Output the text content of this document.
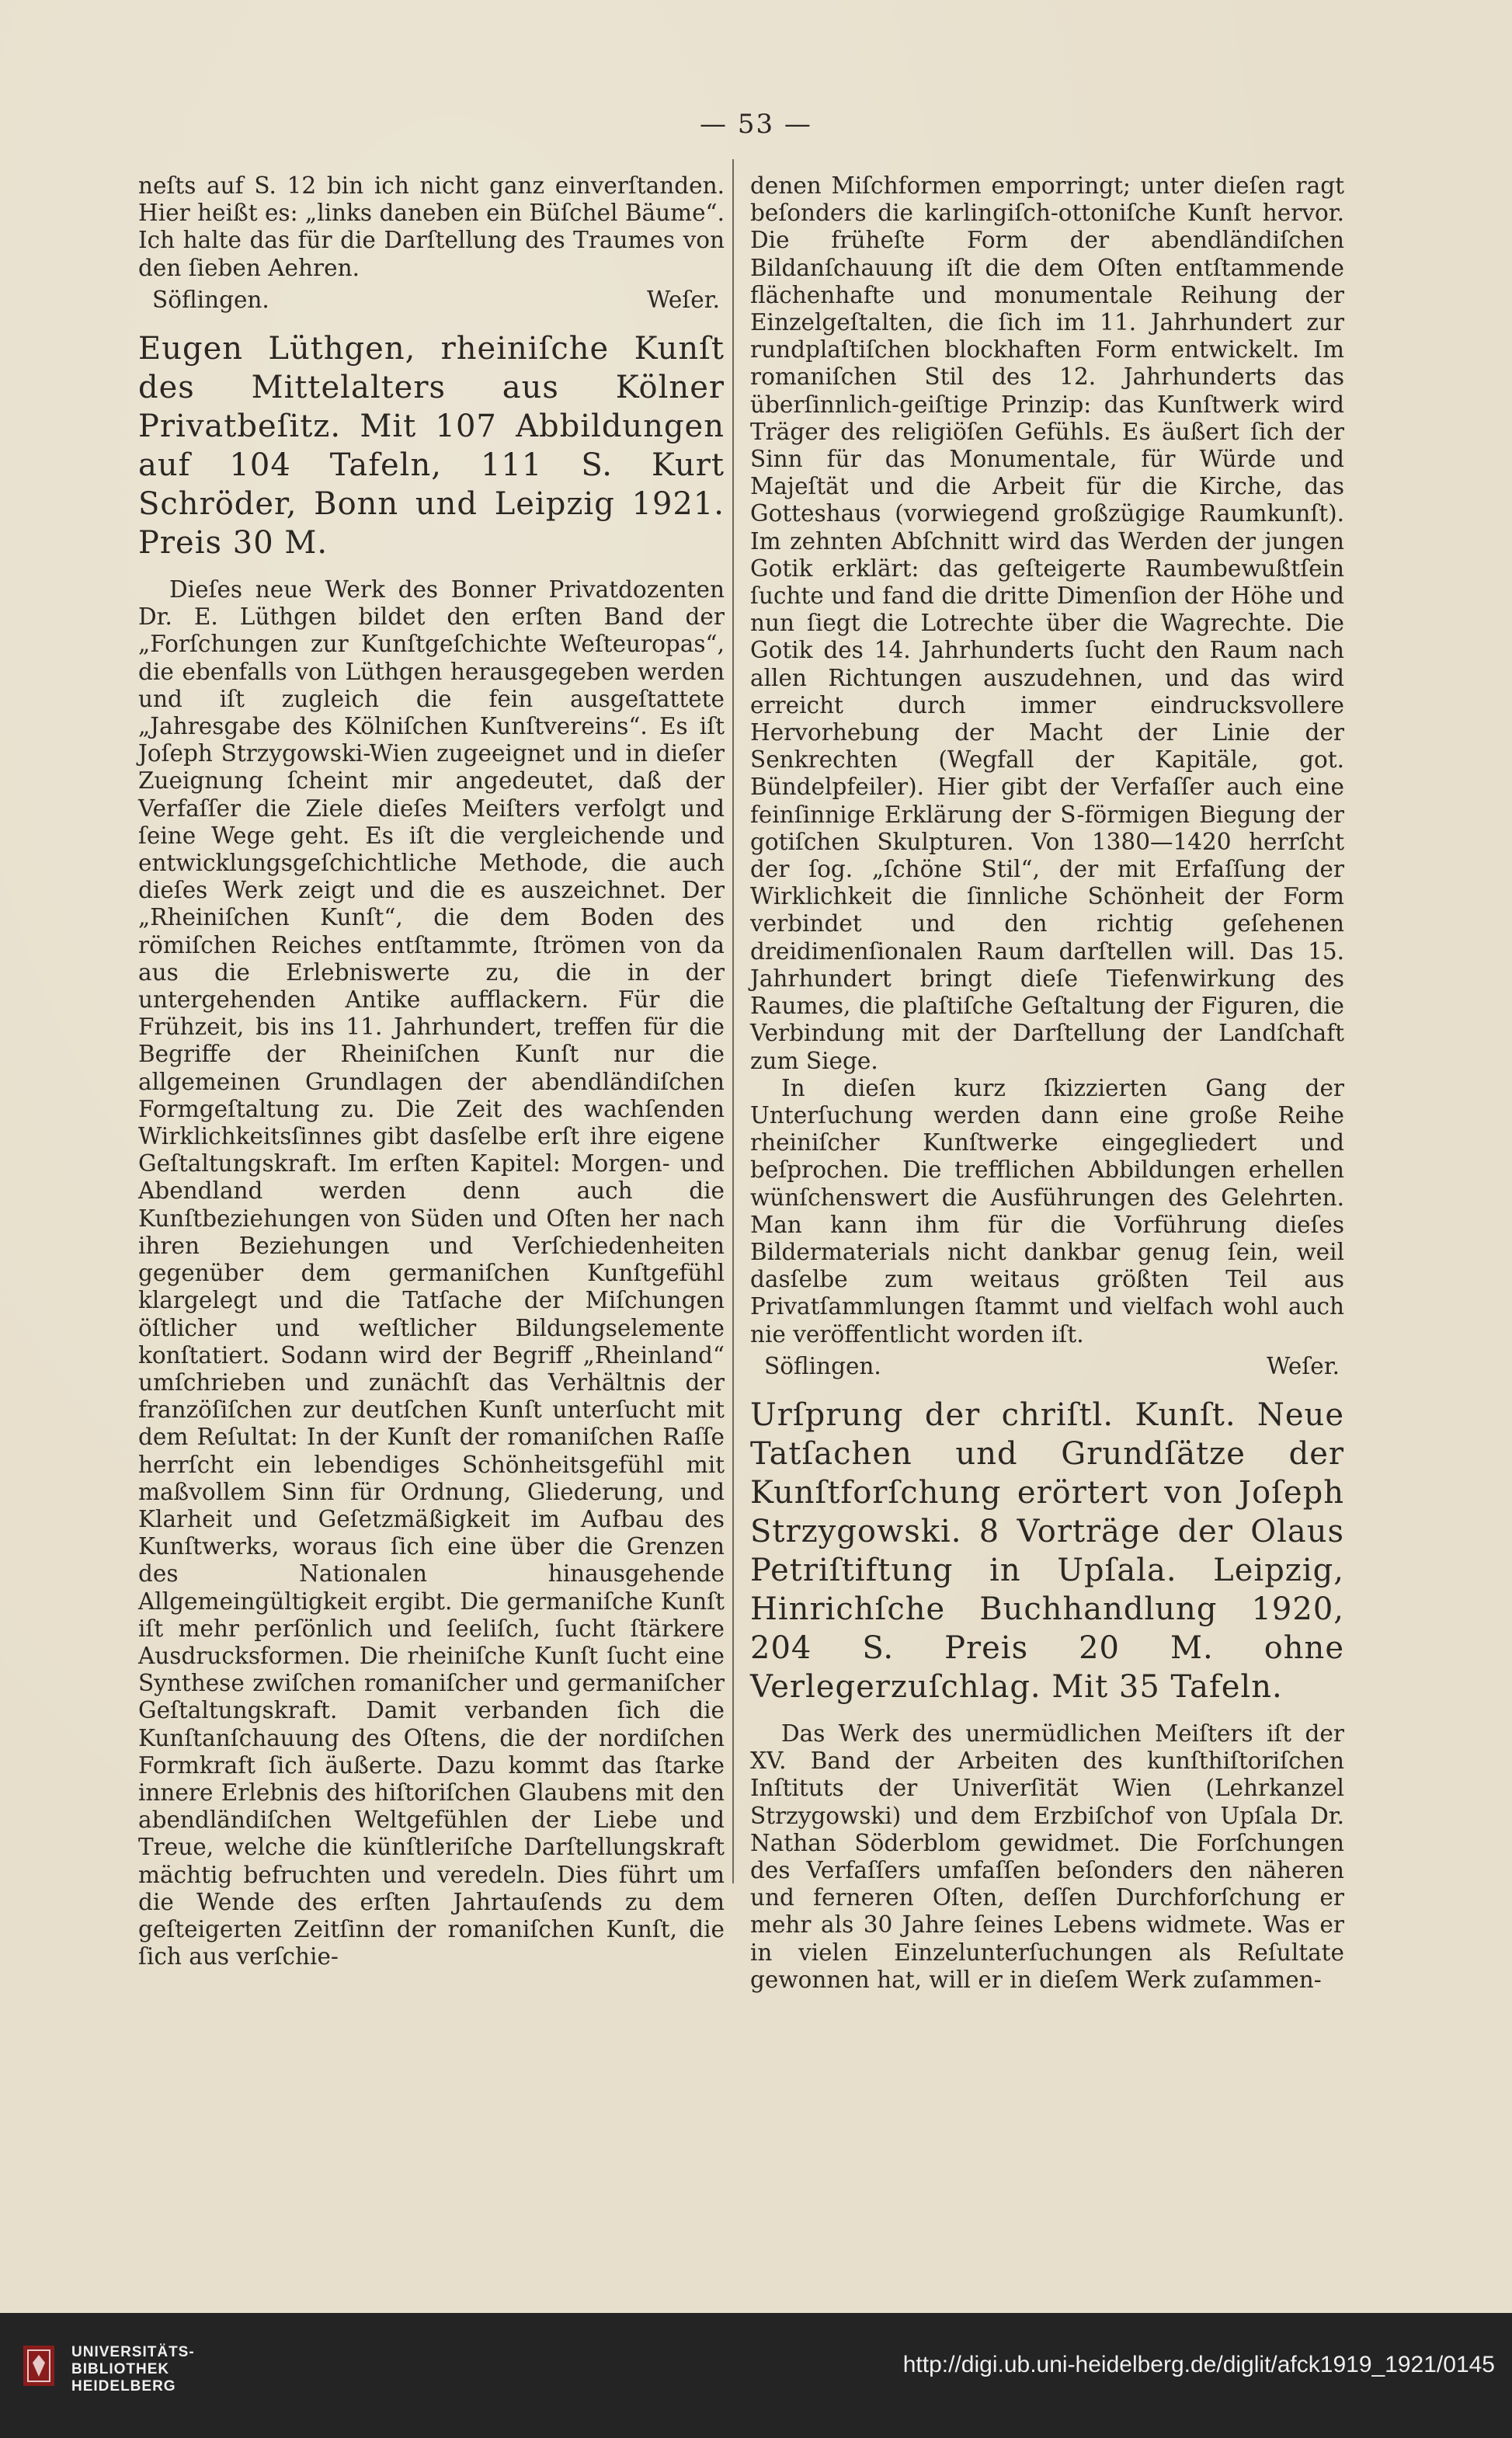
— 53 —

neſts auf S. 12 bin ich nicht ganz einverſtanden. Hier heißt es: „links daneben ein Büſchel Bäume“. Ich halte das für die Darſtellung des Traumes von den ſieben Aehren.

Söflingen.	Weſer.
Eugen Lüthgen, rheiniſche Kunſt des Mittelalters aus Kölner Privatbeſitz. Mit 107 Abbildungen auf 104 Tafeln, 111 S. Kurt Schröder, Bonn und Leipzig 1921. Preis 30 M.

Dieſes neue Werk des Bonner Privatdozenten Dr. E. Lüthgen bildet den erſten Band der „Forſchungen zur Kunſtgeſchichte Weſteuropas“, die ebenfalls von Lüthgen herausgegeben werden und iſt zugleich die fein ausgeſtattete „Jahresgabe des Kölniſchen Kunſtvereins“. Es iſt Joſeph Strzygowski-Wien zugeeignet und in dieſer Zueignung ſcheint mir angedeutet, daß der Verfaſſer die Ziele dieſes Meiſters verfolgt und ſeine Wege geht. Es iſt die vergleichende und entwicklungsgeſchichtliche Methode, die auch dieſes Werk zeigt und die es auszeichnet. Der „Rheiniſchen Kunſt“, die dem Boden des römiſchen Reiches entſtammte, ſtrömen von da aus die Erlebniswerte zu, die in der untergehenden Antike aufflackern. Für die Frühzeit, bis ins 11. Jahrhundert, treffen für die Begriffe der Rheiniſchen Kunſt nur die allgemeinen Grundlagen der abendländiſchen Formgeſtaltung zu. Die Zeit des wachſenden Wirklichkeitsſinnes gibt dasſelbe erſt ihre eigene Geſtaltungskraft. Im erſten Kapitel: Morgen- und Abendland werden denn auch die Kunſtbeziehungen von Süden und Oſten her nach ihren Beziehungen und Verſchiedenheiten gegenüber dem germaniſchen Kunſtgefühl klargelegt und die Tatſache der Miſchungen öſtlicher und weſtlicher Bildungselemente konſtatiert. Sodann wird der Begriff „Rheinland“ umſchrieben und zunächſt das Verhältnis der franzöſiſchen zur deutſchen Kunſt unterſucht mit dem Reſultat: In der Kunſt der romaniſchen Raſſe herrſcht ein lebendiges Schönheitsgefühl mit maßvollem Sinn für Ordnung, Gliederung, und Klarheit und Geſetzmäßigkeit im Aufbau des Kunſtwerks, woraus ſich eine über die Grenzen des Nationalen hinausgehende Allgemeingültigkeit ergibt. Die germaniſche Kunſt iſt mehr perſönlich und ſeeliſch, ſucht ſtärkere Ausdrucksformen. Die rheiniſche Kunſt ſucht eine Synthese zwiſchen romaniſcher und germaniſcher Geſtaltungskraft. Damit verbanden ſich die Kunſtanſchauung des Oſtens, die der nordiſchen Formkraft ſich äußerte. Dazu kommt das ſtarke innere Erlebnis des hiſtoriſchen Glaubens mit den abendländiſchen Weltgefühlen der Liebe und Treue, welche die künſtleriſche Darſtellungskraft mächtig befruchten und veredeln. Dies führt um die Wende des erſten Jahrtauſends zu dem geſteigerten Zeitſinn der romaniſchen Kunſt, die ſich aus verſchie-

denen Miſchformen emporringt; unter dieſen ragt beſonders die karlingiſch-ottoniſche Kunſt hervor. Die früheſte Form der abendländiſchen Bildanſchauung iſt die dem Oſten entſtammende flächenhafte und monumentale Reihung der Einzelgeſtalten, die ſich im 11. Jahrhundert zur rundplaſtiſchen blockhaften Form entwickelt. Im romaniſchen Stil des 12. Jahrhunderts das überſinnlich-geiſtige Prinzip: das Kunſtwerk wird Träger des religiöſen Gefühls. Es äußert ſich der Sinn für das Monumentale, für Würde und Majeſtät und die Arbeit für die Kirche, das Gotteshaus (vorwiegend großzügige Raumkunſt). Im zehnten Abſchnitt wird das Werden der jungen Gotik erklärt: das geſteigerte Raumbewußtſein ſuchte und fand die dritte Dimenſion der Höhe und nun ſiegt die Lotrechte über die Wagrechte. Die Gotik des 14. Jahrhunderts ſucht den Raum nach allen Richtungen auszudehnen, und das wird erreicht durch immer eindrucksvollere Hervorhebung der Macht der Linie der Senkrechten (Wegfall der Kapitäle, got. Bündelpfeiler). Hier gibt der Verfaſſer auch eine feinſinnige Erklärung der S-förmigen Biegung der gotiſchen Skulpturen. Von 1380—1420 herrſcht der ſog. „ſchöne Stil“, der mit Erfaſſung der Wirklichkeit die ſinnliche Schönheit der Form verbindet und den richtig geſehenen dreidimenſionalen Raum darſtellen will. Das 15. Jahrhundert bringt dieſe Tiefenwirkung des Raumes, die plaſtiſche Geſtaltung der Figuren, die Verbindung mit der Darſtellung der Landſchaft zum Siege.

In dieſen kurz ſkizzierten Gang der Unterſuchung werden dann eine große Reihe rheiniſcher Kunſtwerke eingegliedert und beſprochen. Die trefflichen Abbildungen erhellen wünſchenswert die Ausführungen des Gelehrten. Man kann ihm für die Vorführung dieſes Bildermaterials nicht dankbar genug ſein, weil dasſelbe zum weitaus größten Teil aus Privatſammlungen ſtammt und vielfach wohl auch nie veröffentlicht worden iſt.

Söflingen.	Weſer.
Urſprung der chriſtl. Kunſt. Neue Tatſachen und Grundſätze der Kunſtforſchung erörtert von Joſeph Strzygowski. 8 Vorträge der Olaus Petriſtiftung in Upſala. Leipzig, Hinrichſche Buchhandlung 1920, 204 S. Preis 20 M. ohne Verlegerzuſchlag. Mit 35 Tafeln.

Das Werk des unermüdlichen Meiſters iſt der XV. Band der Arbeiten des kunſthiſtoriſchen Inſtituts der Univerſität Wien (Lehrkanzel Strzygowski) und dem Erzbiſchof von Upſala Dr. Nathan Söderblom gewidmet. Die Forſchungen des Verfaſſers umfaſſen beſonders den näheren und ferneren Oſten, deſſen Durchforſchung er mehr als 30 Jahre ſeines Lebens widmete. Was er in vielen Einzelunterſuchungen als Reſultate gewonnen hat, will er in dieſem Werk zuſammen-

UNIVERSITÄTS-
BIBLIOTHEK
HEIDELBERG
http://digi.ub.uni-heidelberg.de/diglit/afck1919_1921/0145
